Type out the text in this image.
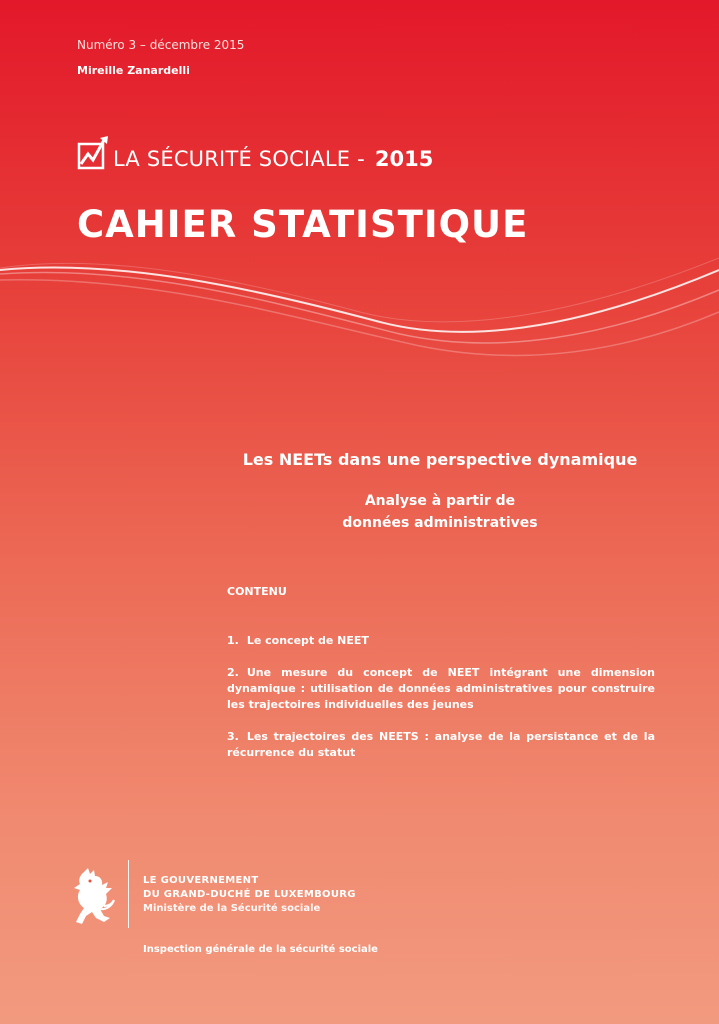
Numéro 3 – décembre 2015
Mireille Zanardelli
LA SÉCURITÉ SOCIALE - 2015
CAHIER STATISTIQUE
Les NEETs dans une perspective dynamique
Analyse à partir de
données administratives
CONTENU
1. Le concept de NEET
2. Une mesure du concept de NEET intégrant une dimension dynamique : utilisation de données administratives pour construire les trajectoires individuelles des jeunes
3. Les trajectoires des NEETS : analyse de la persistance et de la récurrence du statut
LE GOUVERNEMENT
DU GRAND-DUCHÉ DE LUXEMBOURG
Ministère de la Sécurité sociale
Inspection générale de la sécurité sociale
